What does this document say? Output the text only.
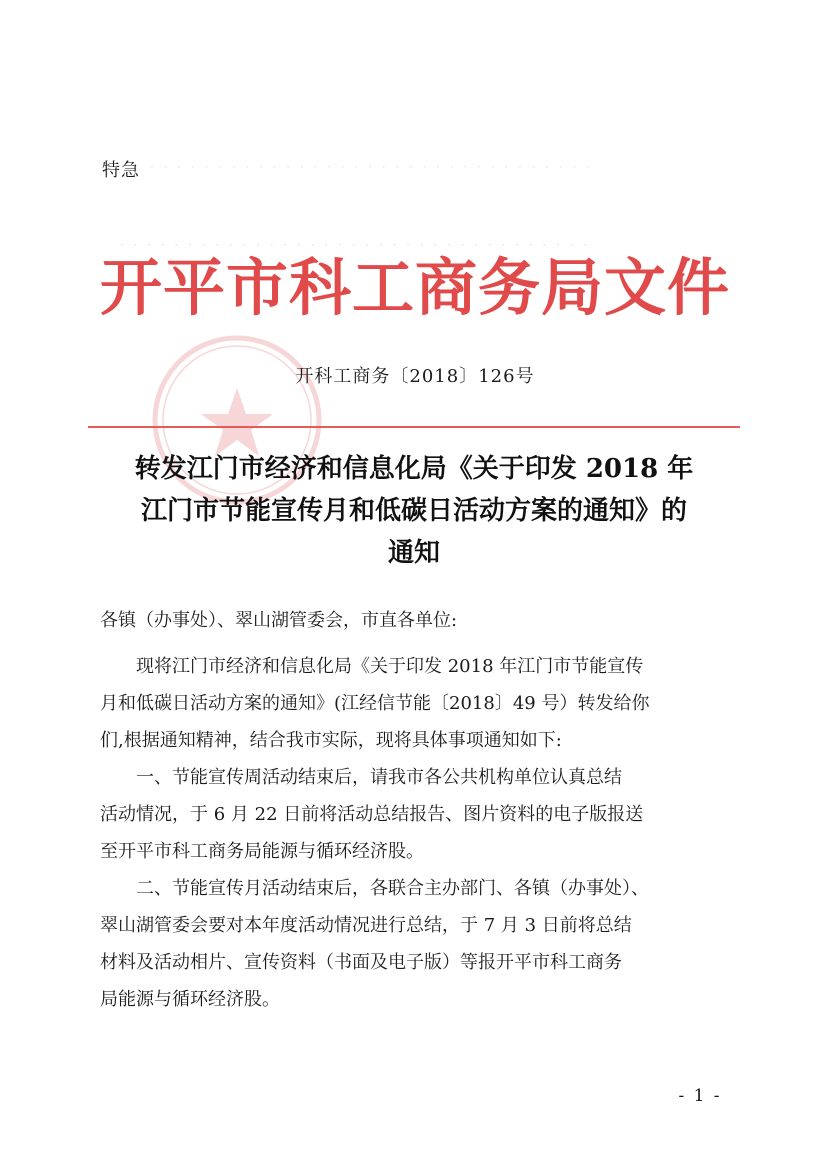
· · · · · · · · · · · · · · · · · · · · · · · · · · · · · · · · ·
· · · · · · · · · · · · · · · · · · · · · · · · · · · · · · · · · · ·
特急
开平市科工商务局文件
开科工商务〔2018〕126号
转发江门市经济和信息化局《关于印发 2018 年
江门市节能宣传月和低碳日活动方案的通知》的
通知

各镇（办事处）、翠山湖管委会，市直各单位:

现将江门市经济和信息化局《关于印发 2018 年江门市节能宣传

月和低碳日活动方案的通知》(江经信节能〔2018〕49 号）转发给你

们,根据通知精神，结合我市实际，现将具体事项通知如下:

一、节能宣传周活动结束后，请我市各公共机构单位认真总结

活动情况，于 6 月 22 日前将活动总结报告、图片资料的电子版报送

至开平市科工商务局能源与循环经济股。

二、节能宣传月活动结束后，各联合主办部门、各镇（办事处）、

翠山湖管委会要对本年度活动情况进行总结，于 7 月 3 日前将总结

材料及活动相片、宣传资料（书面及电子版）等报开平市科工商务

局能源与循环经济股。

- 1 -
